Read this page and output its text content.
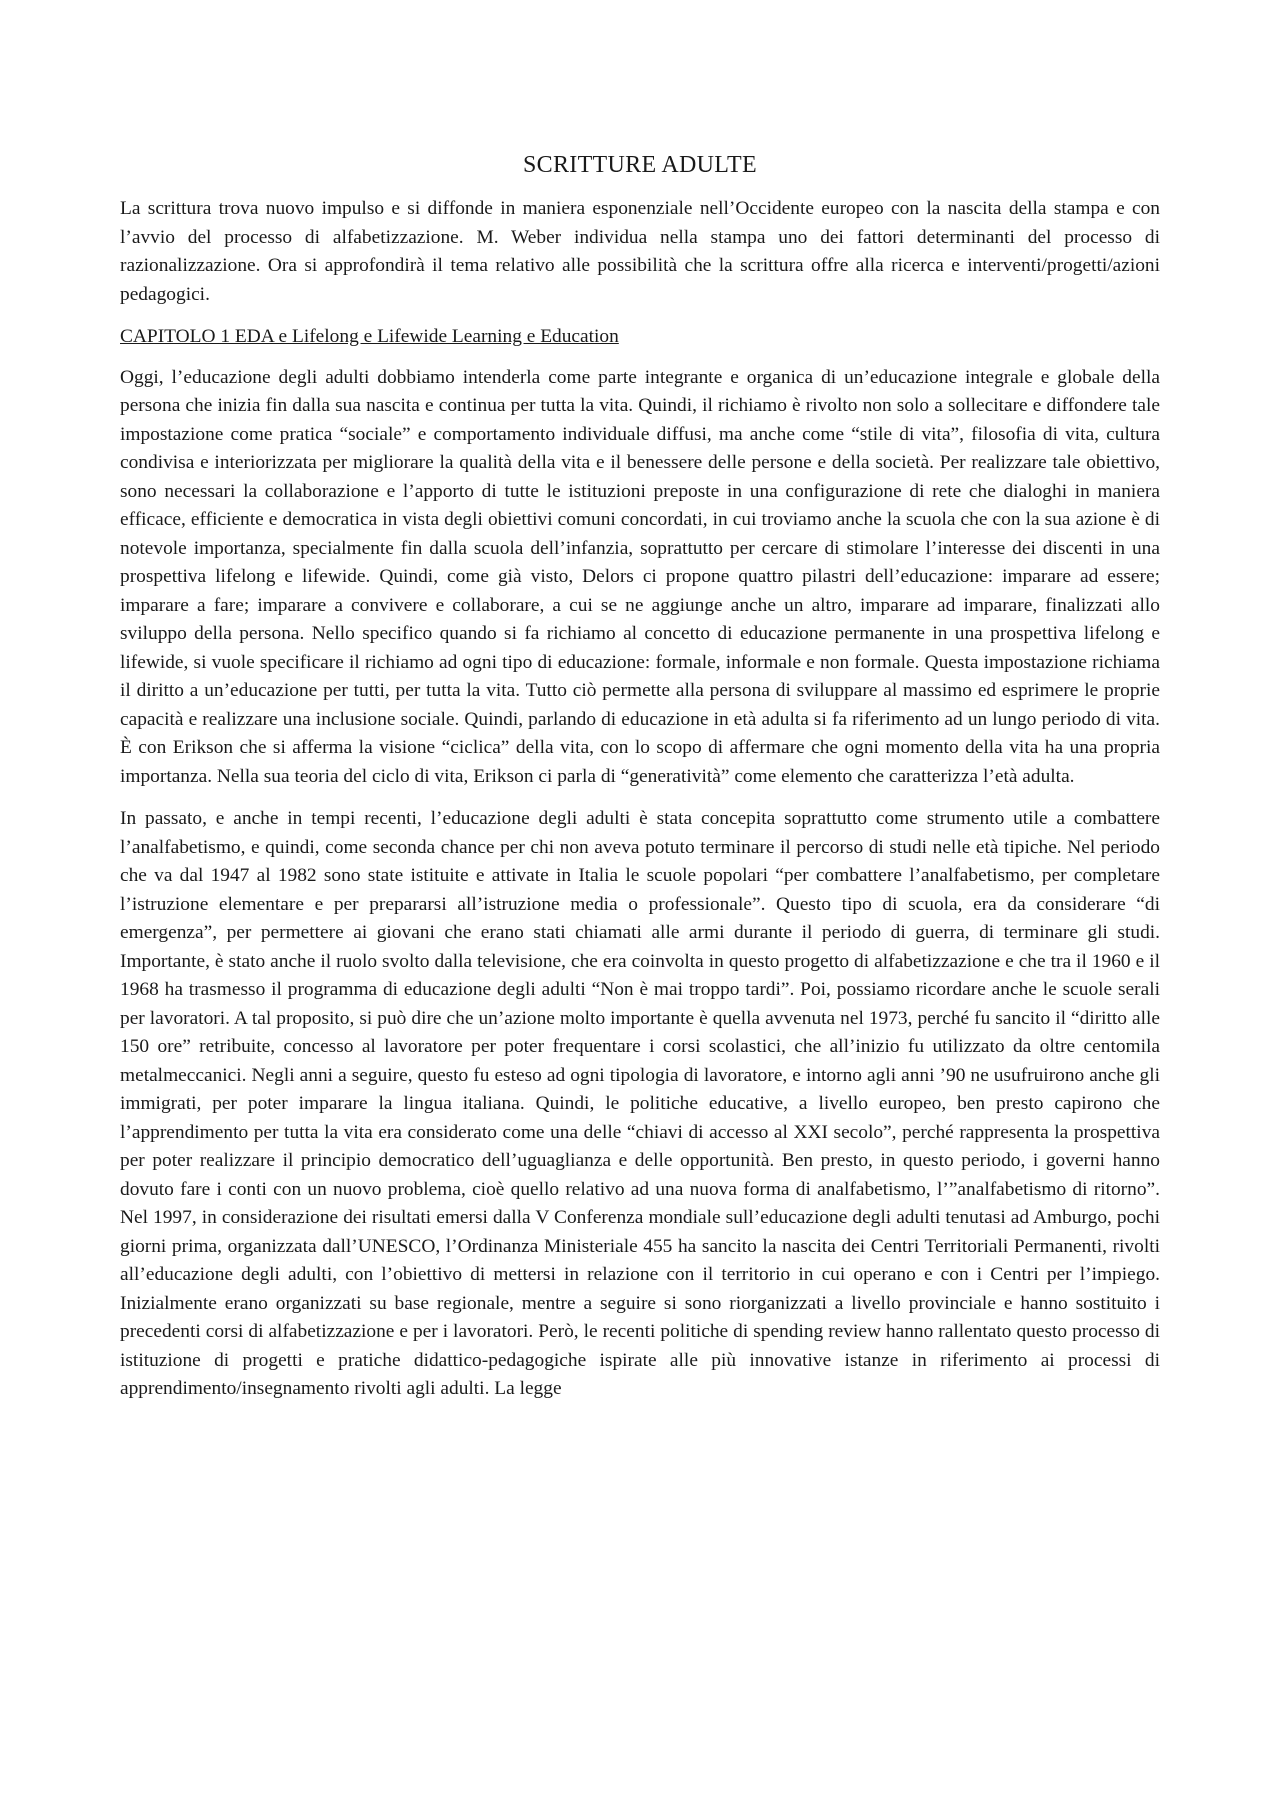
SCRITTURE ADULTE

La scrittura trova nuovo impulso e si diffonde in maniera esponenziale nell’Occidente europeo con la nascita della stampa e con l’avvio del processo di alfabetizzazione. M. Weber individua nella stampa uno dei fattori determinanti del processo di razionalizzazione. Ora si approfondirà il tema relativo alle possibilità che la scrittura offre alla ricerca e interventi/progetti/azioni pedagogici.

CAPITOLO 1 EDA e Lifelong e Lifewide Learning e Education

Oggi, l’educazione degli adulti dobbiamo intenderla come parte integrante e organica di un’educazione integrale e globale della persona che inizia fin dalla sua nascita e continua per tutta la vita. Quindi, il richiamo è rivolto non solo a sollecitare e diffondere tale impostazione come pratica “sociale” e comportamento individuale diffusi, ma anche come “stile di vita”, filosofia di vita, cultura condivisa e interiorizzata per migliorare la qualità della vita e il benessere delle persone e della società. Per realizzare tale obiettivo, sono necessari la collaborazione e l’apporto di tutte le istituzioni preposte in una configurazione di rete che dialoghi in maniera efficace, efficiente e democratica in vista degli obiettivi comuni concordati, in cui troviamo anche la scuola che con la sua azione è di notevole importanza, specialmente fin dalla scuola dell’infanzia, soprattutto per cercare di stimolare l’interesse dei discenti in una prospettiva lifelong e lifewide. Quindi, come già visto, Delors ci propone quattro pilastri dell’educazione: imparare ad essere; imparare a fare; imparare a convivere e collaborare, a cui se ne aggiunge anche un altro, imparare ad imparare, finalizzati allo sviluppo della persona. Nello specifico quando si fa richiamo al concetto di educazione permanente in una prospettiva lifelong e lifewide, si vuole specificare il richiamo ad ogni tipo di educazione: formale, informale e non formale. Questa impostazione richiama il diritto a un’educazione per tutti, per tutta la vita. Tutto ciò permette alla persona di sviluppare al massimo ed esprimere le proprie capacità e realizzare una inclusione sociale. Quindi, parlando di educazione in età adulta si fa riferimento ad un lungo periodo di vita. È con Erikson che si afferma la visione “ciclica” della vita, con lo scopo di affermare che ogni momento della vita ha una propria importanza. Nella sua teoria del ciclo di vita, Erikson ci parla di “generatività” come elemento che caratterizza l’età adulta.

In passato, e anche in tempi recenti, l’educazione degli adulti è stata concepita soprattutto come strumento utile a combattere l’analfabetismo, e quindi, come seconda chance per chi non aveva potuto terminare il percorso di studi nelle età tipiche. Nel periodo che va dal 1947 al 1982 sono state istituite e attivate in Italia le scuole popolari “per combattere l’analfabetismo, per completare l’istruzione elementare e per prepararsi all’istruzione media o professionale”. Questo tipo di scuola, era da considerare “di emergenza”, per permettere ai giovani che erano stati chiamati alle armi durante il periodo di guerra, di terminare gli studi. Importante, è stato anche il ruolo svolto dalla televisione, che era coinvolta in questo progetto di alfabetizzazione e che tra il 1960 e il 1968 ha trasmesso il programma di educazione degli adulti “Non è mai troppo tardi”. Poi, possiamo ricordare anche le scuole serali per lavoratori. A tal proposito, si può dire che un’azione molto importante è quella avvenuta nel 1973, perché fu sancito il “diritto alle 150 ore” retribuite, concesso al lavoratore per poter frequentare i corsi scolastici, che all’inizio fu utilizzato da oltre centomila metalmeccanici. Negli anni a seguire, questo fu esteso ad ogni tipologia di lavoratore, e intorno agli anni ’90 ne usufruirono anche gli immigrati, per poter imparare la lingua italiana. Quindi, le politiche educative, a livello europeo, ben presto capirono che l’apprendimento per tutta la vita era considerato come una delle “chiavi di accesso al XXI secolo”, perché rappresenta la prospettiva per poter realizzare il principio democratico dell’uguaglianza e delle opportunità. Ben presto, in questo periodo, i governi hanno dovuto fare i conti con un nuovo problema, cioè quello relativo ad una nuova forma di analfabetismo, l’”analfabetismo di ritorno”. Nel 1997, in considerazione dei risultati emersi dalla V Conferenza mondiale sull’educazione degli adulti tenutasi ad Amburgo, pochi giorni prima, organizzata dall’UNESCO, l’Ordinanza Ministeriale 455 ha sancito la nascita dei Centri Territoriali Permanenti, rivolti all’educazione degli adulti, con l’obiettivo di mettersi in relazione con il territorio in cui operano e con i Centri per l’impiego. Inizialmente erano organizzati su base regionale, mentre a seguire si sono riorganizzati a livello provinciale e hanno sostituito i precedenti corsi di alfabetizzazione e per i lavoratori. Però, le recenti politiche di spending review hanno rallentato questo processo di istituzione di progetti e pratiche didattico-pedagogiche ispirate alle più innovative istanze in riferimento ai processi di apprendimento/insegnamento rivolti agli adulti. La legge
